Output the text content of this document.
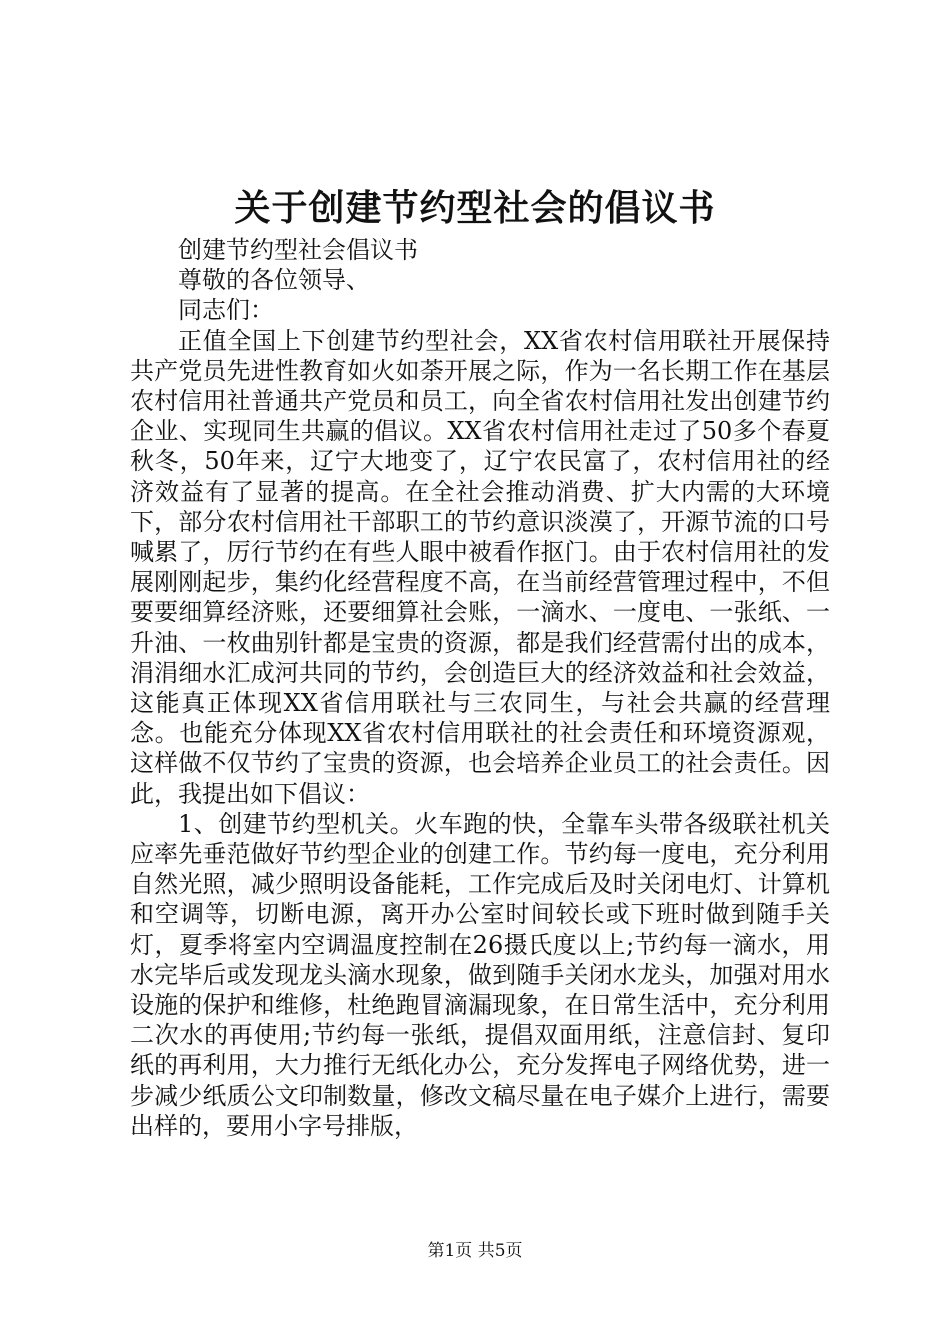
关于创建节约型社会的倡议书

创建节约型社会倡议书

尊敬的各位领导、

同志们：

正值全国上下创建节约型社会，XX省农村信用联社开展保持共产党员先进性教育如火如荼开展之际，作为一名长期工作在基层农村信用社普通共产党员和员工，向全省农村信用社发出创建节约企业、实现同生共赢的倡议。XX省农村信用社走过了50多个春夏秋冬，50年来，辽宁大地变了，辽宁农民富了，农村信用社的经济效益有了显著的提高。在全社会推动消费、扩大内需的大环境下，部分农村信用社干部职工的节约意识淡漠了，开源节流的口号喊累了，厉行节约在有些人眼中被看作抠门。由于农村信用社的发展刚刚起步，集约化经营程度不高，在当前经营管理过程中，不但要要细算经济账，还要细算社会账，一滴水、一度电、一张纸、一升油、一枚曲别针都是宝贵的资源，都是我们经营需付出的成本，涓涓细水汇成河共同的节约，会创造巨大的经济效益和社会效益，这能真正体现XX省信用联社与三农同生，与社会共赢的经营理念。也能充分体现XX省农村信用联社的社会责任和环境资源观，这样做不仅节约了宝贵的资源，也会培养企业员工的社会责任。因此，我提出如下倡议：

1、创建节约型机关。火车跑的快，全靠车头带各级联社机关应率先垂范做好节约型企业的创建工作。节约每一度电，充分利用自然光照，减少照明设备能耗，工作完成后及时关闭电灯、计算机和空调等，切断电源，离开办公室时间较长或下班时做到随手关灯，夏季将室内空调温度控制在26摄氏度以上;节约每一滴水，用水完毕后或发现龙头滴水现象，做到随手关闭水龙头，加强对用水设施的保护和维修，杜绝跑冒滴漏现象，在日常生活中，充分利用二次水的再使用;节约每一张纸，提倡双面用纸，注意信封、复印纸的再利用，大力推行无纸化办公，充分发挥电子网络优势，进一步减少纸质公文印制数量，修改文稿尽量在电子媒介上进行，需要出样的，要用小字号排版，

第1页 共5页
